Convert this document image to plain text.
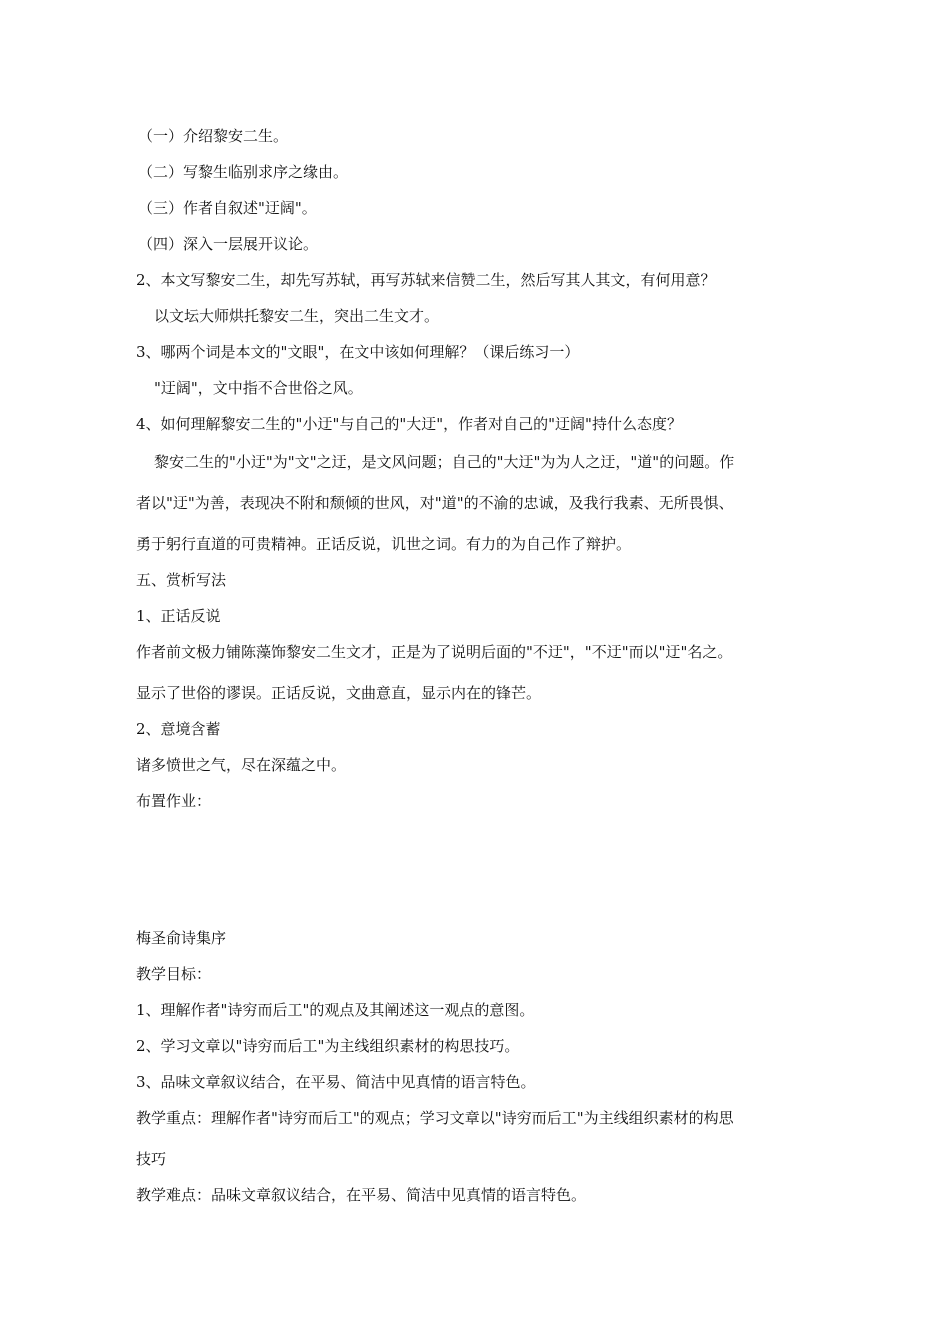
（一）介绍黎安二生。
（二）写黎生临别求序之缘由。
（三）作者自叙述"迂阔"。
（四）深入一层展开议论。
2、本文写黎安二生，却先写苏轼，再写苏轼来信赞二生，然后写其人其文，有何用意？
以文坛大师烘托黎安二生，突出二生文才。
3、哪两个词是本文的"文眼"，在文中该如何理解？（课后练习一）
"迂阔"，文中指不合世俗之风。
4、如何理解黎安二生的"小迂"与自己的"大迂"，作者对自己的"迂阔"持什么态度？
黎安二生的"小迂"为"文"之迂，是文风问题；自己的"大迂"为为人之迂，"道"的问题。作
者以"迂"为善，表现决不附和颓倾的世风，对"道"的不渝的忠诚，及我行我素、无所畏惧、
勇于躬行直道的可贵精神。正话反说，讥世之词。有力的为自己作了辩护。
五、赏析写法
1、正话反说
作者前文极力铺陈藻饰黎安二生文才，正是为了说明后面的"不迂"，"不迂"而以"迂"名之。
显示了世俗的谬误。正话反说，文曲意直，显示内在的锋芒。
2、意境含蓄
诸多愤世之气，尽在深蕴之中。
布置作业：
梅圣俞诗集序
教学目标：
1、理解作者"诗穷而后工"的观点及其阐述这一观点的意图。
2、学习文章以"诗穷而后工"为主线组织素材的构思技巧。
3、品味文章叙议结合，在平易、简洁中见真情的语言特色。
教学重点：理解作者"诗穷而后工"的观点；学习文章以"诗穷而后工"为主线组织素材的构思
技巧
教学难点：品味文章叙议结合，在平易、简洁中见真情的语言特色。
